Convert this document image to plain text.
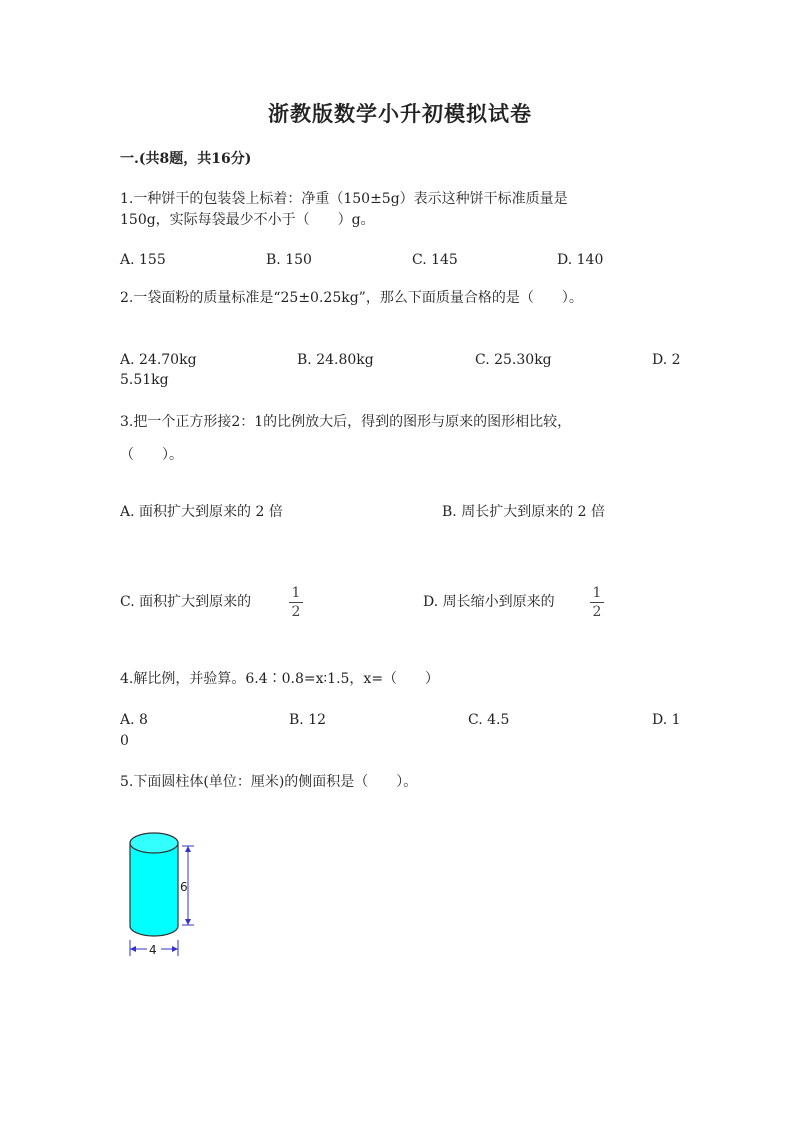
浙教版数学小升初模拟试卷
一.(共8题，共16分)
1.一种饼干的包装袋上标着：净重（150±5g）表示这种饼干标准质量是
150g，实际每袋最少不小于（　　）g。
A. 155	B. 150	C. 145	D. 140
2.一袋面粉的质量标准是“25±0.25kg”，那么下面质量合格的是（　　）。
A. 24.70kg	B. 24.80kg	C. 25.30kg	D. 2
5.51kg
3.把一个正方形接2：1的比例放大后，得到的图形与原来的图形相比较，
（　　）。
A. 面积扩大到原来的 2 倍	B. 周长扩大到原来的 2 倍
C. 面积扩大到原来的
1
2
D. 周长缩小到原来的
1
2
4.解比例，并验算。6.4∶0.8=x∶1.5，x=（　　）
A. 8	B. 12	C. 4.5	D. 1
0
5.下面圆柱体(单位：厘米)的侧面积是（　　）。
6
4
